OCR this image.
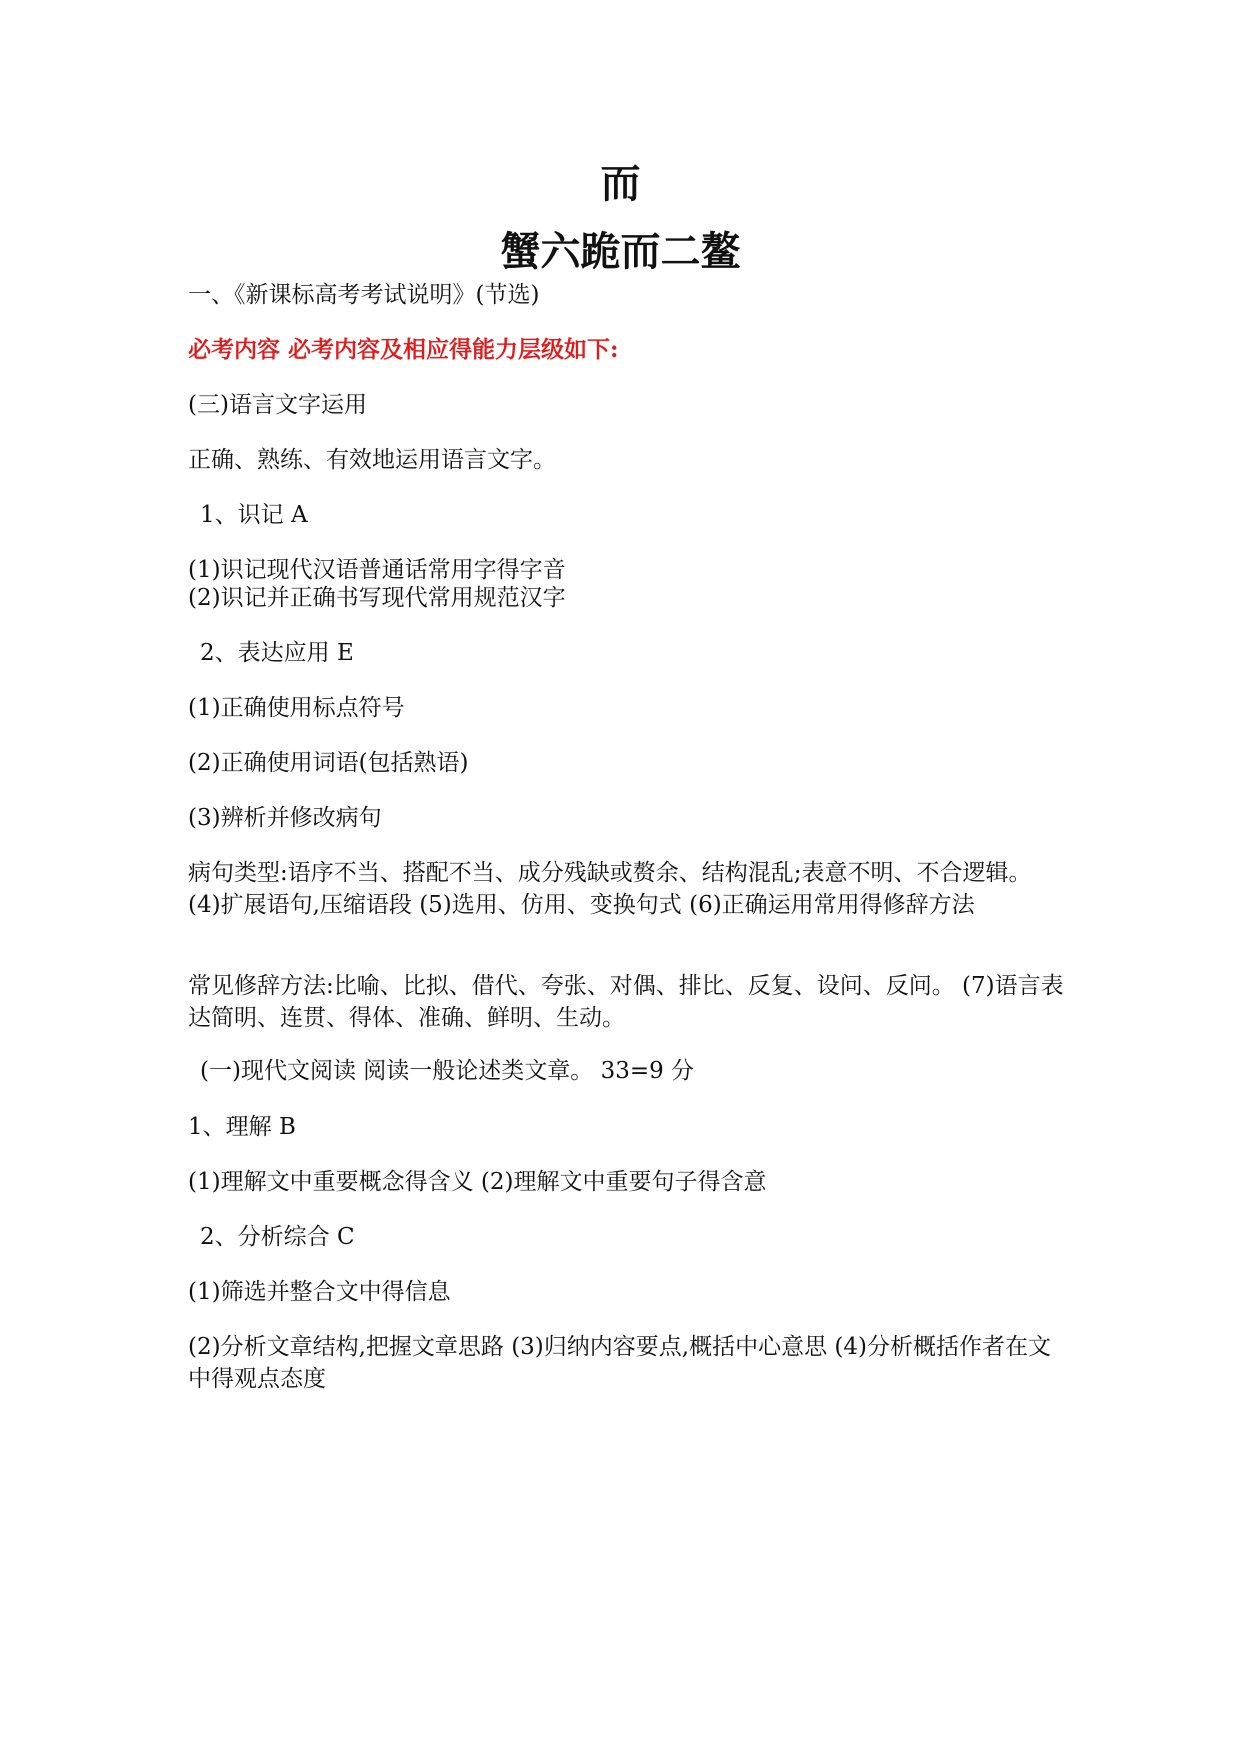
而
蟹六跪而二鳌

一、《新课标高考考试说明》(节选)

必考内容 必考内容及相应得能力层级如下:

(三)语言文字运用

正确、熟练、有效地运用语言文字。

1、识记 A

(1)识记现代汉语普通话常用字得字音

(2)识记并正确书写现代常用规范汉字

2、表达应用 E

(1)正确使用标点符号

(2)正确使用词语(包括熟语)

(3)辨析并修改病句

病句类型:语序不当、搭配不当、成分残缺或赘余、结构混乱;表意不明、不合逻辑。 (4)扩展语句,压缩语段 (5)选用、仿用、变换句式 (6)正确运用常用得修辞方法

常见修辞方法:比喻、比拟、借代、夸张、对偶、排比、反复、设问、反问。 (7)语言表达简明、连贯、得体、准确、鲜明、生动。

(一)现代文阅读 阅读一般论述类文章。 33=9 分

1、理解 B

(1)理解文中重要概念得含义 (2)理解文中重要句子得含意

2、分析综合 C

(1)筛选并整合文中得信息

(2)分析文章结构,把握文章思路 (3)归纳内容要点,概括中心意思 (4)分析概括作者在文中得观点态度
